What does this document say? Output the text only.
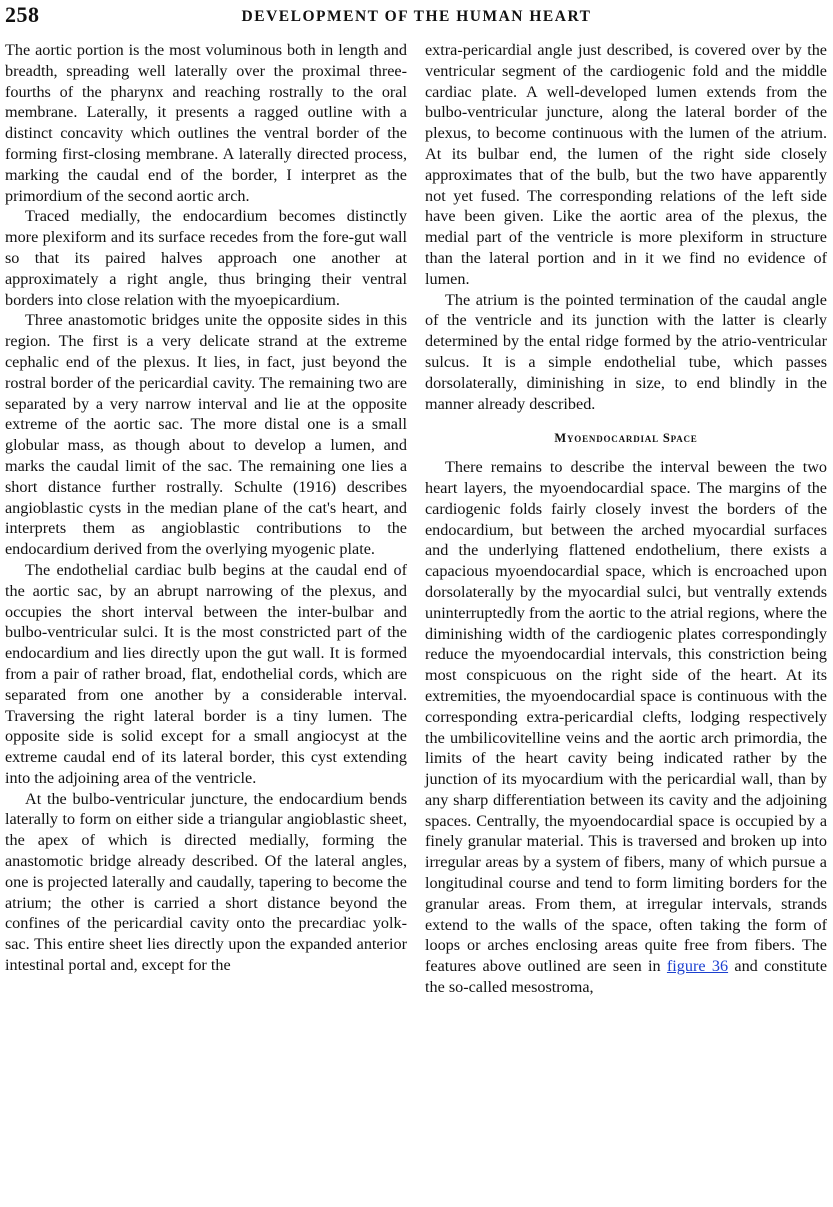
258	DEVELOPMENT OF THE HUMAN HEART

The aortic portion is the most voluminous both in length and breadth, spreading well laterally over the proximal three-fourths of the pharynx and reaching rostrally to the oral membrane. Laterally, it presents a ragged outline with a distinct concavity which outlines the ventral border of the forming first-closing membrane. A laterally directed process, marking the caudal end of the border, I interpret as the primordium of the second aortic arch.

Traced medially, the endocardium becomes distinctly more plexiform and its surface recedes from the fore-gut wall so that its paired halves approach one another at approximately a right angle, thus bringing their ventral borders into close relation with the myoepicardium.

Three anastomotic bridges unite the opposite sides in this region. The first is a very delicate strand at the extreme cephalic end of the plexus. It lies, in fact, just beyond the rostral border of the pericardial cavity. The remaining two are separated by a very narrow interval and lie at the opposite extreme of the aortic sac. The more distal one is a small globular mass, as though about to develop a lumen, and marks the caudal limit of the sac. The remaining one lies a short distance further rostrally. Schulte (1916) describes angioblastic cysts in the median plane of the cat's heart, and interprets them as angioblastic contributions to the endocardium derived from the overlying myogenic plate.

The endothelial cardiac bulb begins at the caudal end of the aortic sac, by an abrupt narrowing of the plexus, and occupies the short interval between the inter-bulbar and bulbo-ventricular sulci. It is the most constricted part of the endocardium and lies directly upon the gut wall. It is formed from a pair of rather broad, flat, endothelial cords, which are separated from one another by a considerable interval. Traversing the right lateral border is a tiny lumen. The opposite side is solid except for a small angiocyst at the extreme caudal end of its lateral border, this cyst extending into the adjoining area of the ventricle.

At the bulbo-ventricular juncture, the endocardium bends laterally to form on either side a triangular angioblastic sheet, the apex of which is directed medially, forming the anastomotic bridge already described. Of the lateral angles, one is projected laterally and caudally, tapering to become the atrium; the other is carried a short distance beyond the confines of the pericardial cavity onto the precardiac yolk-sac. This entire sheet lies directly upon the expanded anterior intestinal portal and, except for the

extra-pericardial angle just described, is covered over by the ventricular segment of the cardiogenic fold and the middle cardiac plate. A well-developed lumen extends from the bulbo-ventricular juncture, along the lateral border of the plexus, to become continuous with the lumen of the atrium. At its bulbar end, the lumen of the right side closely approximates that of the bulb, but the two have apparently not yet fused. The corresponding relations of the left side have been given. Like the aortic area of the plexus, the medial part of the ventricle is more plexiform in structure than the lateral portion and in it we find no evidence of lumen.

The atrium is the pointed termination of the caudal angle of the ventricle and its junction with the latter is clearly determined by the ental ridge formed by the atrio-ventricular sulcus. It is a simple endothelial tube, which passes dorsolaterally, diminishing in size, to end blindly in the manner already described.

Myoendocardial Space

There remains to describe the interval beween the two heart layers, the myoendocardial space. The margins of the cardiogenic folds fairly closely invest the borders of the endocardium, but between the arched myocardial surfaces and the underlying flattened endothelium, there exists a capacious myoendocardial space, which is encroached upon dorsolaterally by the myocardial sulci, but ventrally extends uninterruptedly from the aortic to the atrial regions, where the diminishing width of the cardiogenic plates correspondingly reduce the myoendocardial intervals, this constriction being most conspicuous on the right side of the heart. At its extremities, the myoendocardial space is continuous with the corresponding extra-pericardial clefts, lodging respectively the umbilicovitelline veins and the aortic arch primordia, the limits of the heart cavity being indicated rather by the junction of its myocardium with the pericardial wall, than by any sharp differentiation between its cavity and the adjoining spaces. Centrally, the myoendocardial space is occupied by a finely granular material. This is traversed and broken up into irregular areas by a system of fibers, many of which pursue a longitudinal course and tend to form limiting borders for the granular areas. From them, at irregular intervals, strands extend to the walls of the space, often taking the form of loops or arches enclosing areas quite free from fibers. The features above outlined are seen in figure 36 and constitute the so-called mesostroma,
